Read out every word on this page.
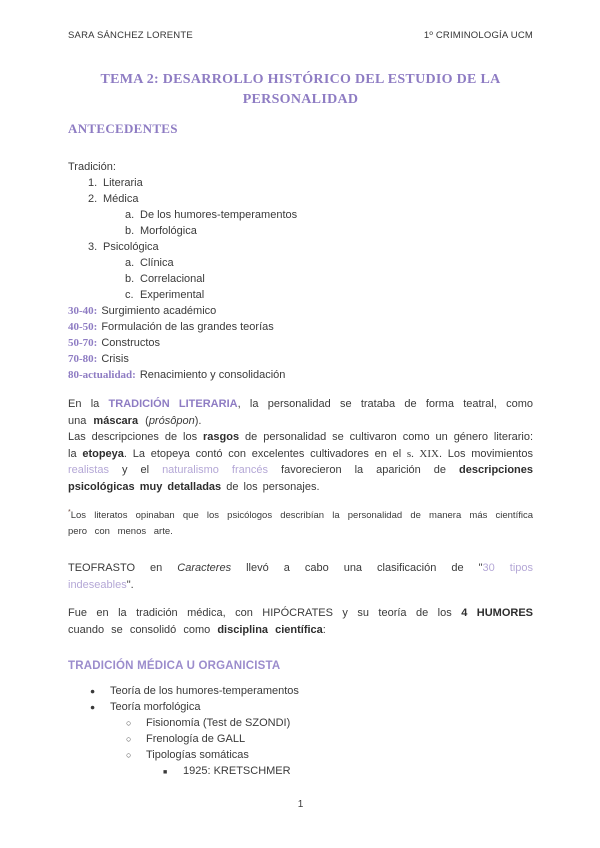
SARA SÁNCHEZ LORENTE	1º CRIMINOLOGÍA UCM
TEMA 2: DESARROLLO HISTÓRICO DEL ESTUDIO DE LA PERSONALIDAD
ANTECEDENTES

Tradición:

1. Literaria
2. Médica
a. De los humores-temperamentos
b. Morfológica
3. Psicológica
a. Clínica
b. Correlacional
c. Experimental
30-40: Surgimiento académico
40-50: Formulación de las grandes teorías
50-70: Constructos
70-80: Crisis
80-actualidad: Renacimiento y consolidación

En la TRADICIÓN LITERARIA, la personalidad se trataba de forma teatral, como una máscara (prósôpon).

Las descripciones de los rasgos de personalidad se cultivaron como un género literario: la etopeya. La etopeya contó con excelentes cultivadores en el s. XIX. Los movimientos realistas y el naturalismo francés favorecieron la aparición de descripciones psicológicas muy detalladas de los personajes.

*Los literatos opinaban que los psicólogos describían la personalidad de manera más científica pero con menos arte.

TEOFRASTO en Caracteres llevó a cabo una clasificación de "30 tipos indeseables".

Fue en la tradición médica, con HIPÓCRATES y su teoría de los 4 HUMORES cuando se consolidó como disciplina científica:

TRADICIÓN MÉDICA U ORGANICISTA
● Teoría de los humores-temperamentos
● Teoría morfológica
○ Fisionomía (Test de SZONDI)
○ Frenología de GALL
○ Tipologías somáticas
■ 1925: KRETSCHMER
1
